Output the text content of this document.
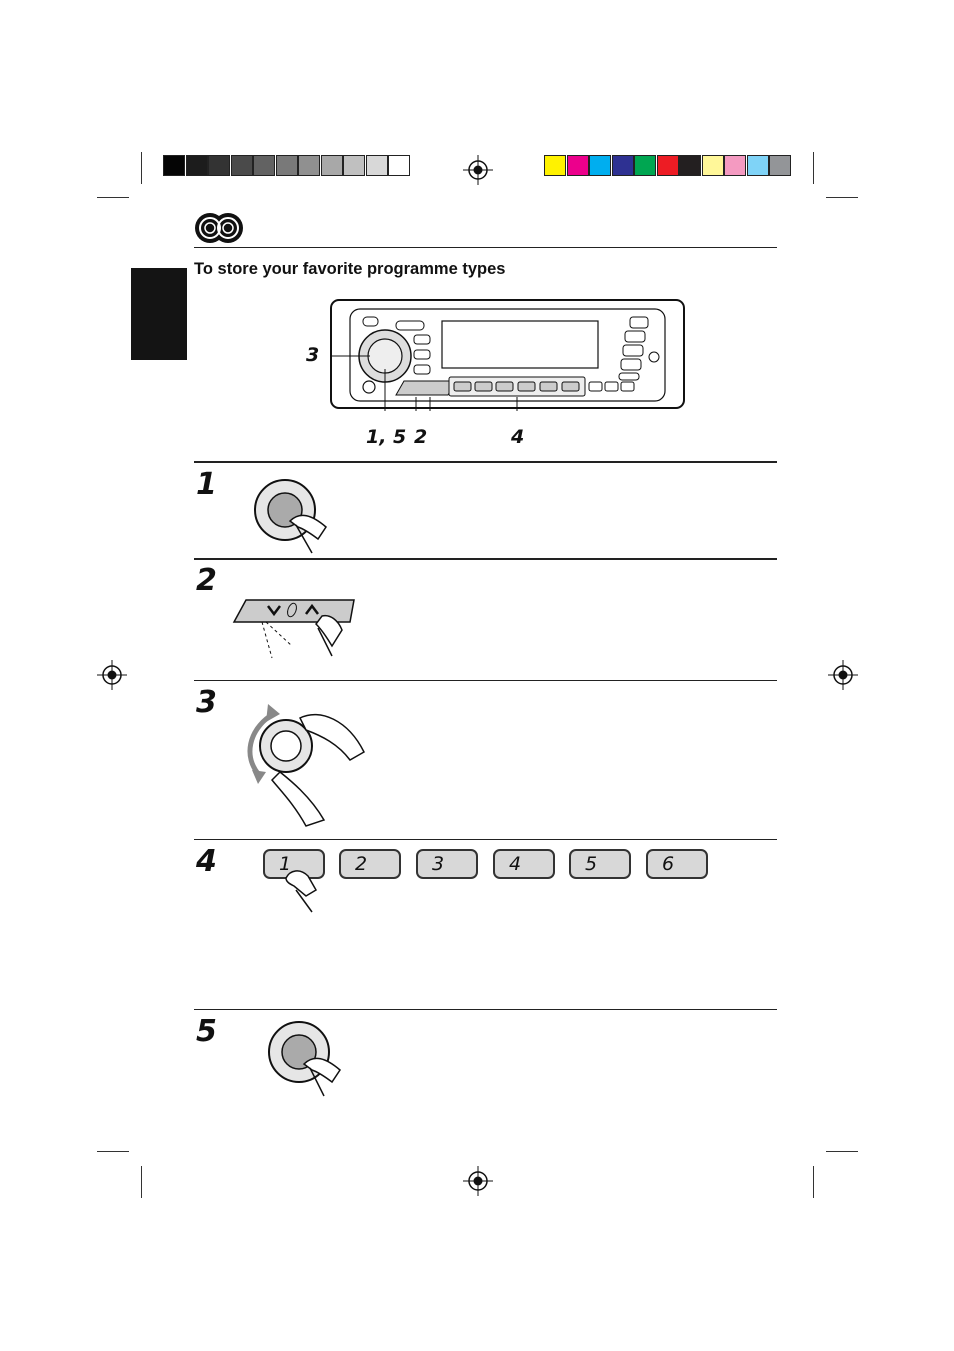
To store your favorite programme types
3
1, 5 2	4
1
2
3
4
5
1	2	3	4	5	6
